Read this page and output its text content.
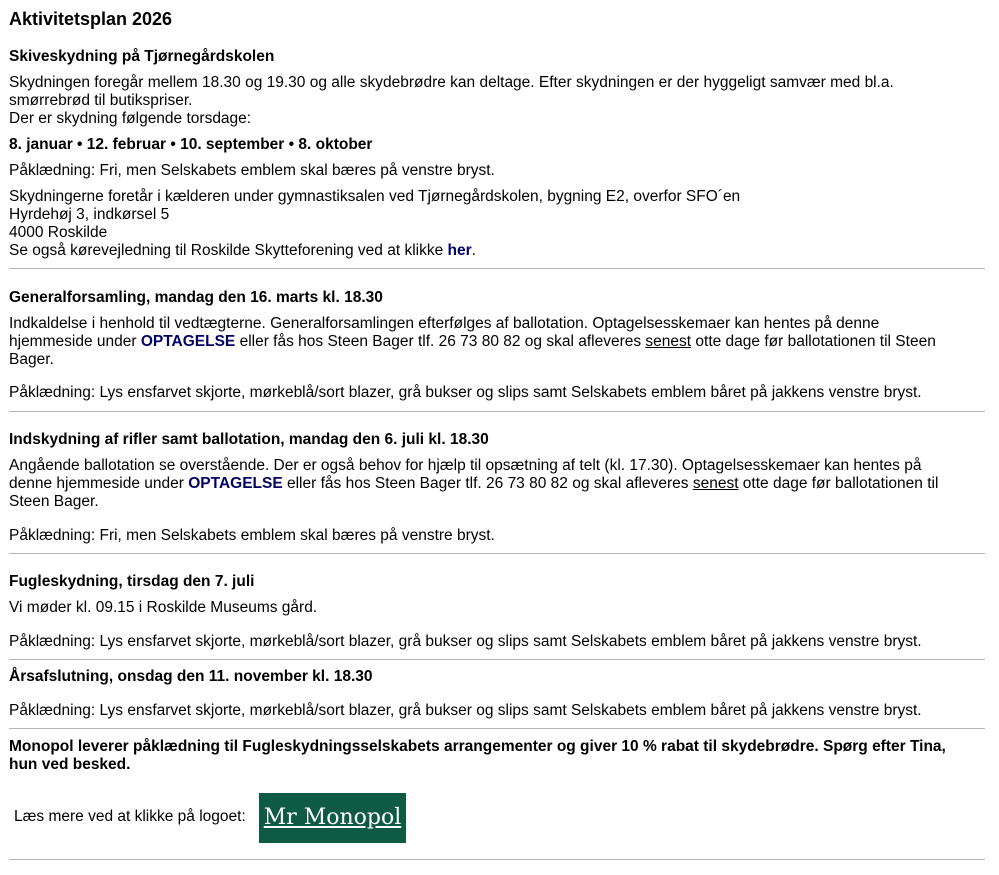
Aktivitetsplan 2026
Skiveskydning på Tjørnegårdskolen

Skydningen foregår mellem 18.30 og 19.30 og alle skydebrødre kan deltage. Efter skydningen er der hyggeligt samvær med bl.a.

smørrebrød til butikspriser.

Der er skydning følgende torsdage:

8. januar • 12. februar • 10. september • 8. oktober

Påklædning: Fri, men Selskabets emblem skal bæres på venstre bryst.

Skydningerne foretår i kælderen under gymnastiksalen ved Tjørnegårdskolen, bygning E2, overfor SFO´en

Hyrdehøj 3, indkørsel 5

4000 Roskilde

Se også kørevejledning til Roskilde Skytteforening ved at klikke her.

Generalforsamling, mandag den 16. marts kl. 18.30

Indkaldelse i henhold til vedtægterne. Generalforsamlingen efterfølges af ballotation. Optagelsesskemaer kan hentes på denne

hjemmeside under OPTAGELSE eller fås hos Steen Bager tlf. 26 73 80 82 og skal afleveres senest otte dage før ballotationen til Steen

Bager.

Påklædning: Lys ensfarvet skjorte, mørkeblå/sort blazer, grå bukser og slips samt Selskabets emblem båret på jakkens venstre bryst.

Indskydning af rifler samt ballotation, mandag den 6. juli kl. 18.30

Angående ballotation se overstående. Der er også behov for hjælp til opsætning af telt (kl. 17.30). Optagelsesskemaer kan hentes på

denne hjemmeside under OPTAGELSE eller fås hos Steen Bager tlf. 26 73 80 82 og skal afleveres senest otte dage før ballotationen til

Steen Bager.

Påklædning: Fri, men Selskabets emblem skal bæres på venstre bryst.

Fugleskydning, tirsdag den 7. juli

Vi møder kl. 09.15 i Roskilde Museums gård.

Påklædning: Lys ensfarvet skjorte, mørkeblå/sort blazer, grå bukser og slips samt Selskabets emblem båret på jakkens venstre bryst.

Årsafslutning, onsdag den 11. november kl. 18.30

Påklædning: Lys ensfarvet skjorte, mørkeblå/sort blazer, grå bukser og slips samt Selskabets emblem båret på jakkens venstre bryst.

Monopol leverer påklædning til Fugleskydningsselskabets arrangementer og giver 10 % rabat til skydebrødre. Spørg efter Tina,
hun ved besked.

Læs mere ved at klikke på logoet: Mr Monopol
